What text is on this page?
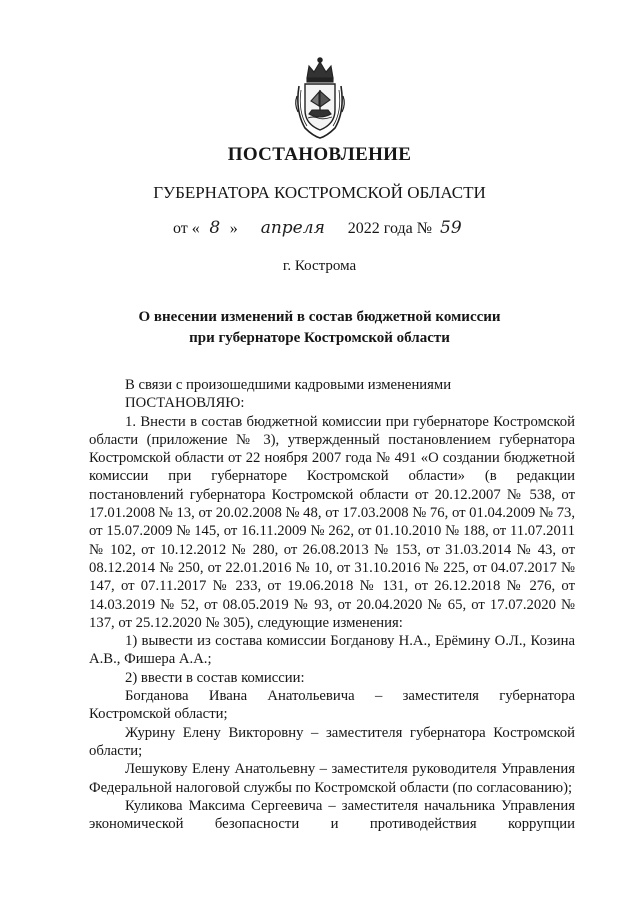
ПОСТАНОВЛЕНИЕ
ГУБЕРНАТОРА КОСТРОМСКОЙ ОБЛАСТИ
от « 8 » апреля 2022 года № 59
г. Кострома
О внесении изменений в состав бюджетной комиссии
при губернаторе Костромской области

В связи с произошедшими кадровыми изменениями

ПОСТАНОВЛЯЮ:

1. Внести в состав бюджетной комиссии при губернаторе Костромской области (приложение № 3), утвержденный постановлением губернатора Костромской области от 22 ноября 2007 года № 491 «О создании бюджетной комиссии при губернаторе Костромской области» (в редакции постановлений губернатора Костромской области от 20.12.2007 № 538, от 17.01.2008 № 13, от 20.02.2008 № 48, от 17.03.2008 № 76, от 01.04.2009 № 73, от 15.07.2009 № 145, от 16.11.2009 № 262, от 01.10.2010 № 188, от 11.07.2011 № 102, от 10.12.2012 № 280, от 26.08.2013 № 153, от 31.03.2014 № 43, от 08.12.2014 № 250, от 22.01.2016 № 10, от 31.10.2016 № 225, от 04.07.2017 № 147, от 07.11.2017 № 233, от 19.06.2018 № 131, от 26.12.2018 № 276, от 14.03.2019 № 52, от 08.05.2019 № 93, от 20.04.2020 № 65, от 17.07.2020 № 137, от 25.12.2020 № 305), следующие изменения:

1) вывести из состава комиссии Богданову Н.А., Ерёмину О.Л., Козина А.В., Фишера А.А.;

2) ввести в состав комиссии:

Богданова Ивана Анатольевича – заместителя губернатора Костромской области;

Журину Елену Викторовну – заместителя губернатора Костромской области;

Лешукову Елену Анатольевну – заместителя руководителя Управления Федеральной налоговой службы по Костромской области (по согласованию);

Куликова Максима Сергеевича – заместителя начальника Управления экономической безопасности и противодействия коррупции
